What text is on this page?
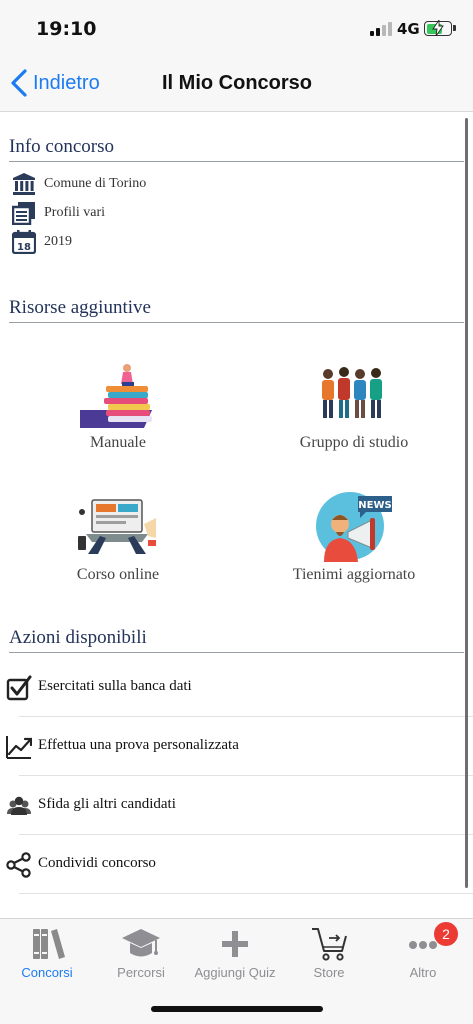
19:10	4G
Indietro	Il Mio Concorso
Info concorso
Comune di Torino
Profili vari
18 2019
Risorse aggiuntive
Manuale	Gruppo di studio
Corso online
NEWS
Tienimi aggiornato
Azioni disponibili
Esercitati sulla banca dati
Effettua una prova personalizzata
Sfida gli altri candidati
Condividi concorso
Concorsi	Percorsi	Aggiungi Quiz	Store	Altro
2
